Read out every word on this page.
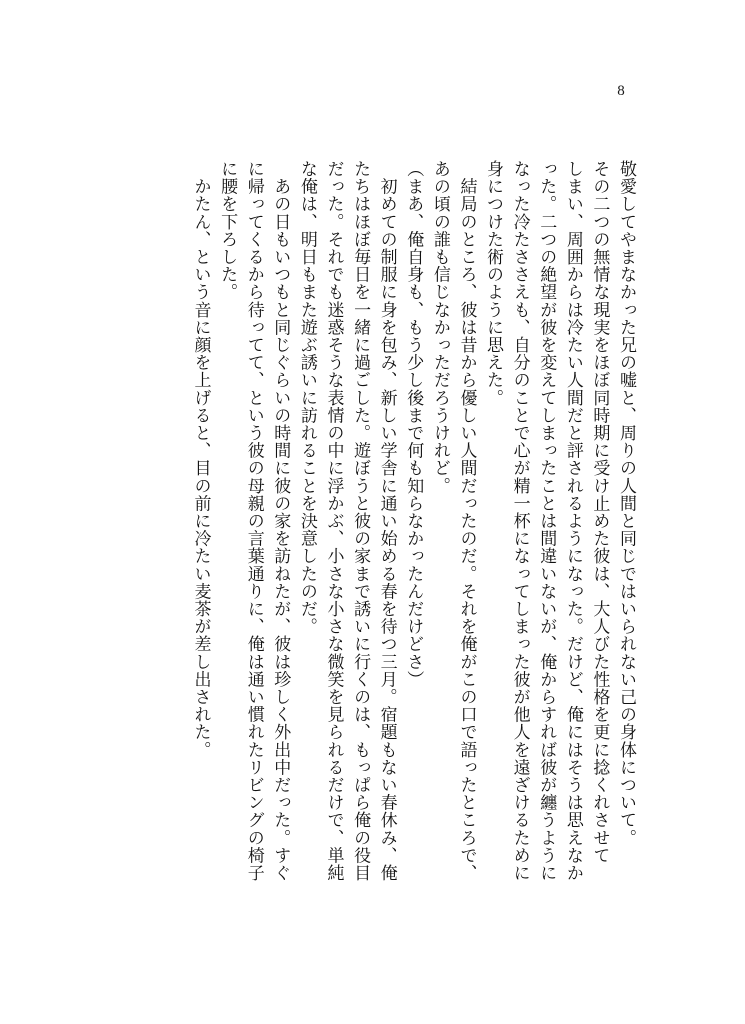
8
敬愛してやまなかった兄の嘘と、周りの人間と同じではいられない己の身体について。
その二つの無情な現実をほぼ同時期に受け止めた彼は、大人びた性格を更に捻くれさせて
しまい、周囲からは冷たい人間だと評されるようになった。だけど、俺にはそうは思えなか
った。二つの絶望が彼を変えてしまったことは間違いないが、俺からすれば彼が纏うように
なった冷たささえも、自分のことで心が精一杯になってしまった彼が他人を遠ざけるために
身につけた術のように思えた。
　結局のところ、彼は昔から優しい人間だったのだ。それを俺がこの口で語ったところで、
あの頃の誰も信じなかっただろうけれど。
（まあ、俺自身も、もう少し後まで何も知らなかったんだけどさ）
　初めての制服に身を包み、新しい学舎に通い始める春を待つ三月。宿題もない春休み、俺
たちはほぼ毎日を一緒に過ごした。遊ぼうと彼の家まで誘いに行くのは、もっぱら俺の役目
だった。それでも迷惑そうな表情の中に浮かぶ、小さな小さな微笑を見られるだけで、単純
な俺は、明日もまた遊ぶ誘いに訪れることを決意したのだ。
　あの日もいつもと同じぐらいの時間に彼の家を訪ねたが、彼は珍しく外出中だった。すぐ
に帰ってくるから待ってて、という彼の母親の言葉通りに、俺は通い慣れたリビングの椅子
に腰を下ろした。
　かたん、という音に顔を上げると、目の前に冷たい麦茶が差し出された。
